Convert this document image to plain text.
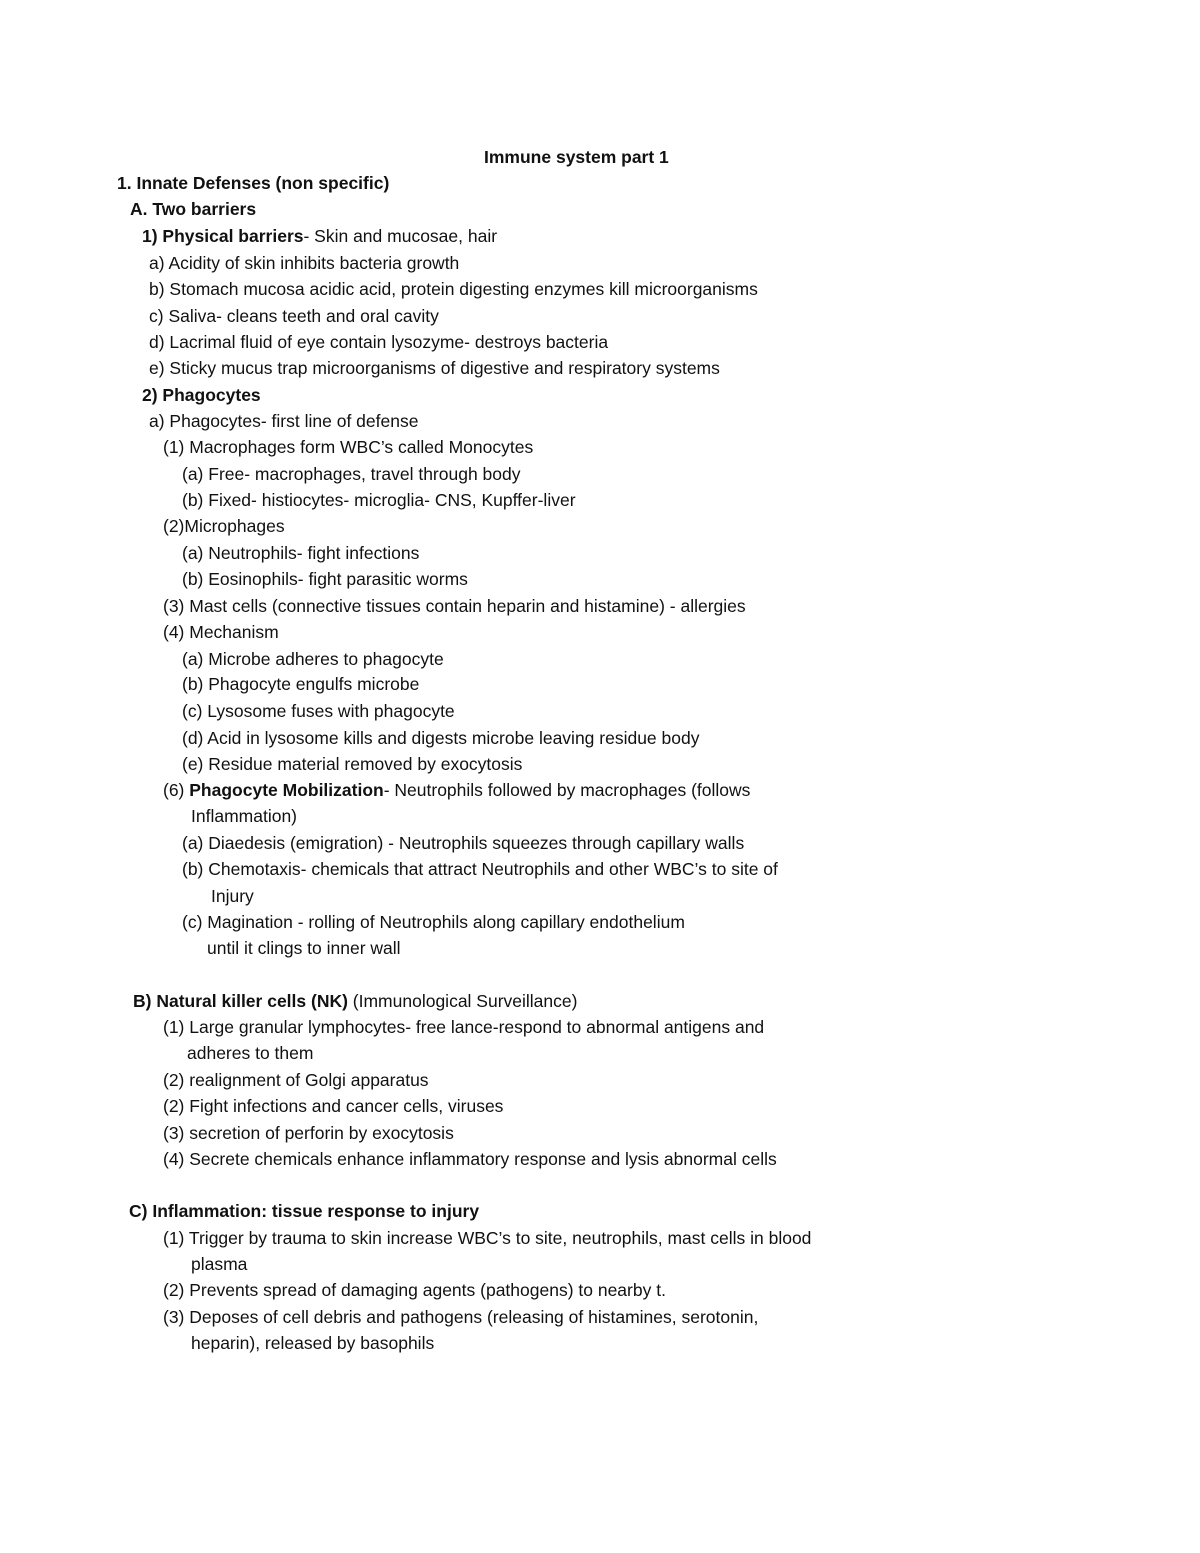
Immune system part 1
1. Innate Defenses (non specific)
A. Two barriers
1) Physical barriers- Skin and mucosae, hair
a) Acidity of skin inhibits bacteria growth
b) Stomach mucosa acidic acid, protein digesting enzymes kill microorganisms
c) Saliva- cleans teeth and oral cavity
d) Lacrimal fluid of eye contain lysozyme- destroys bacteria
e) Sticky mucus trap microorganisms of digestive and respiratory systems
2) Phagocytes
a) Phagocytes- first line of defense
(1) Macrophages form WBC’s called Monocytes
(a) Free- macrophages, travel through body
(b) Fixed- histiocytes- microglia- CNS, Kupffer-liver
(2)Microphages
(a) Neutrophils- fight infections
(b) Eosinophils- fight parasitic worms
(3) Mast cells (connective tissues contain heparin and histamine) - allergies
(4) Mechanism
(a) Microbe adheres to phagocyte
(b) Phagocyte engulfs microbe
(c) Lysosome fuses with phagocyte
(d) Acid in lysosome kills and digests microbe leaving residue body
(e) Residue material removed by exocytosis
(6) Phagocyte Mobilization- Neutrophils followed by macrophages (follows
Inflammation)
(a) Diaedesis (emigration) - Neutrophils squeezes through capillary walls
(b) Chemotaxis- chemicals that attract Neutrophils and other WBC’s to site of
Injury
(c) Magination - rolling of Neutrophils along capillary endothelium
until it clings to inner wall
B) Natural killer cells (NK) (Immunological Surveillance)
(1) Large granular lymphocytes- free lance-respond to abnormal antigens and
adheres to them
(2) realignment of Golgi apparatus
(2) Fight infections and cancer cells, viruses
(3) secretion of perforin by exocytosis
(4) Secrete chemicals enhance inflammatory response and lysis abnormal cells
C) Inflammation: tissue response to injury
(1) Trigger by trauma to skin increase WBC’s to site, neutrophils, mast cells in blood
plasma
(2) Prevents spread of damaging agents (pathogens) to nearby t.
(3) Deposes of cell debris and pathogens (releasing of histamines, serotonin,
heparin), released by basophils
